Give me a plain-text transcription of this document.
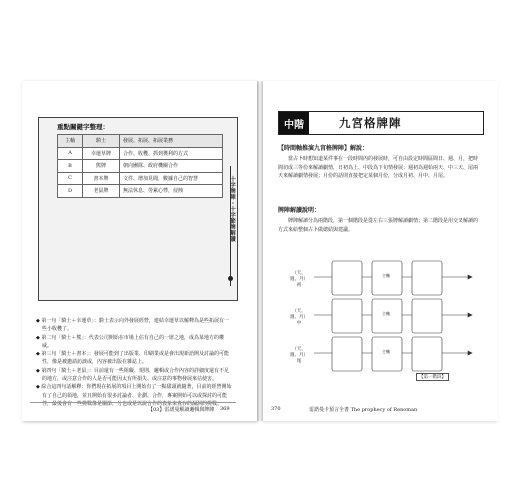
重點關鍵字整理：
主軸	騎士	發展、拓展、拓展業務
A	幸運草牌	合作、收穫、抓到獲利的方式
B	熊牌	朝向團隊、政府機關合作
C	書本牌	文件、增加見聞，數據自己的智慧
D	老鼠牌	無法休息、勞累心悸，侵蝕

◆ 第一句「騎士＋幸運草」：騎士表示向外發展經營，連結幸運草以解釋為是些拓展有一些小收穫了。

◆ 第二句「騎士＋熊」：代表公司開始在市場上佔有自己的一席之地，成為某地方的權威。

◆ 第三句「騎士＋書本」：發展可能到了出版業、印刷業或是會出現新語開及討論的可能性，像是被邀請訪談或，內容被出版在雜誌上。

◆ 第四句「騎士＋老鼠」：目前還有一些阻礙、規則、邏輯或合作內容的詳細度還有不足的地方，或注意合作的人是否可能因太有所損失、或注意的事物發展來估使害。

◆ 綜合這四句話解釋：你們現在拓展的項目上開始有了一點甜頭就隨著，目前的經營開始有了自己的領地，並且開始有很多討論者、企劃、合作，專案開始可以或探討的可能性，最後會有一些挑戰像是關節，分也或是以說合作的表象來真存的漏洞的挑戰。

【03】雷諾曼解讀邏輯與牌陣 369
十字牌陣・十字節牌解讀
中階	九宮格牌陣
【時間軸推演九宮格牌陣】解說：

當占卜時想知道某件事在一段時間內的發展時，可自由設定時間區間日、週、月，把時間切成三等份來解讀劇情，日初為上、中段為下旬情發展；週初為週始兩天、中三天、尾兩天來解讀劇情發展；月份的話則直接把定某個月份，分成月初、月中、月尾。

牌陣解讀說明：

牌陣解讀分為兩階段，第一個階段是從左右三張牌解讀劇情；第二階段是用交叉解讀的方式來給整個占卜做總結與建議。

（天、週、月）
初
（天、週、月）
中
（天、週、月）
尾
主軸
主軸
主軸
【第一階段】
370	雷諾曼卡預言全書 The prophecy of Renoman
